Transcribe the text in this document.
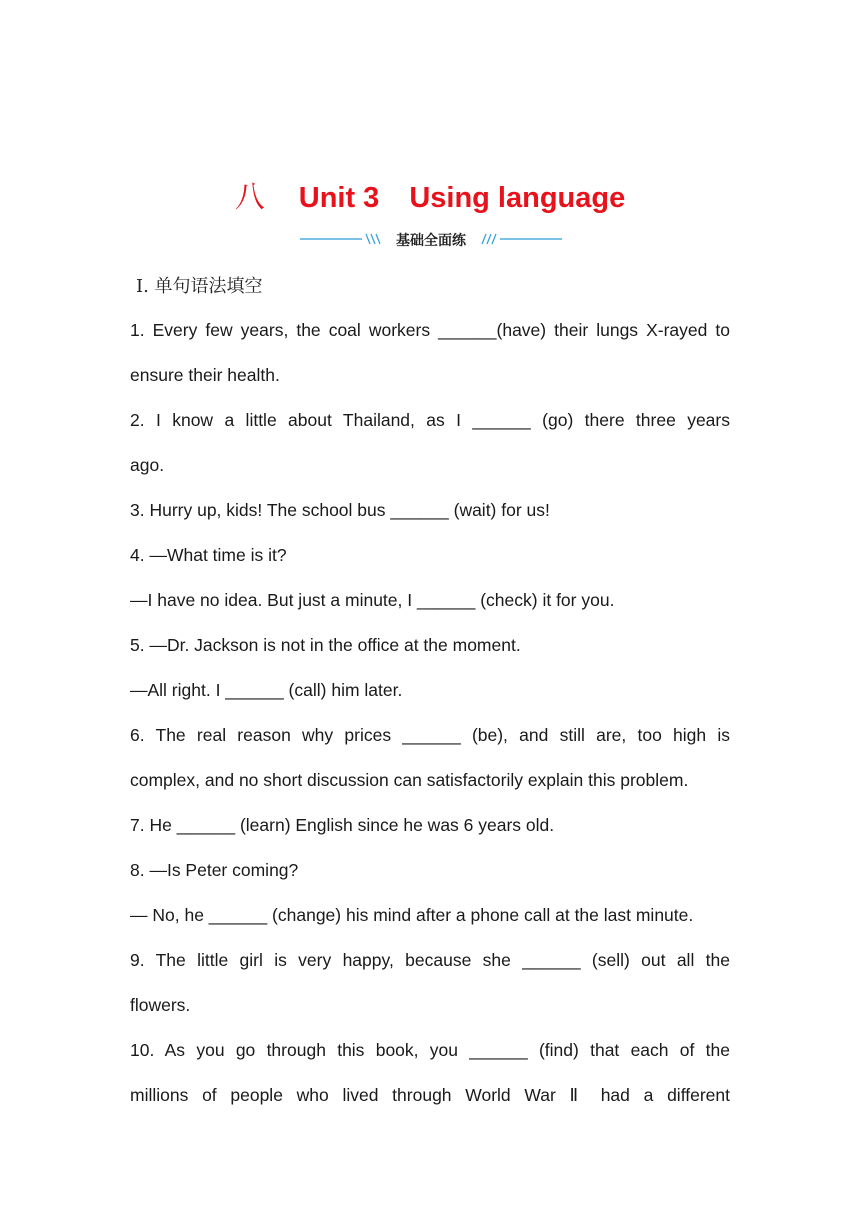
八 Unit 3 Using language
基础全面练
Ⅰ. 单句语法填空
1. Every few years, the coal workers ______(have) their lungs X-rayed to
ensure their health.
2. I know a little about Thailand, as I ______ (go) there three years
ago.
3. Hurry up, kids! The school bus ______ (wait) for us!
4. —What time is it?
—I have no idea. But just a minute, I ______ (check) it for you.
5. —Dr. Jackson is not in the office at the moment.
—All right. I ______ (call) him later.
6. The real reason why prices ______ (be), and still are, too high is
complex, and no short discussion can satisfactorily explain this problem.
7. He ______ (learn) English since he was 6 years old.
8. —Is Peter coming?
— No, he ______ (change) his mind after a phone call at the last minute.
9. The little girl is very happy, because she ______ (sell) out all the
flowers.
10. As you go through this book, you ______ (find) that each of the
millions of people who lived through World War Ⅱ had a different
